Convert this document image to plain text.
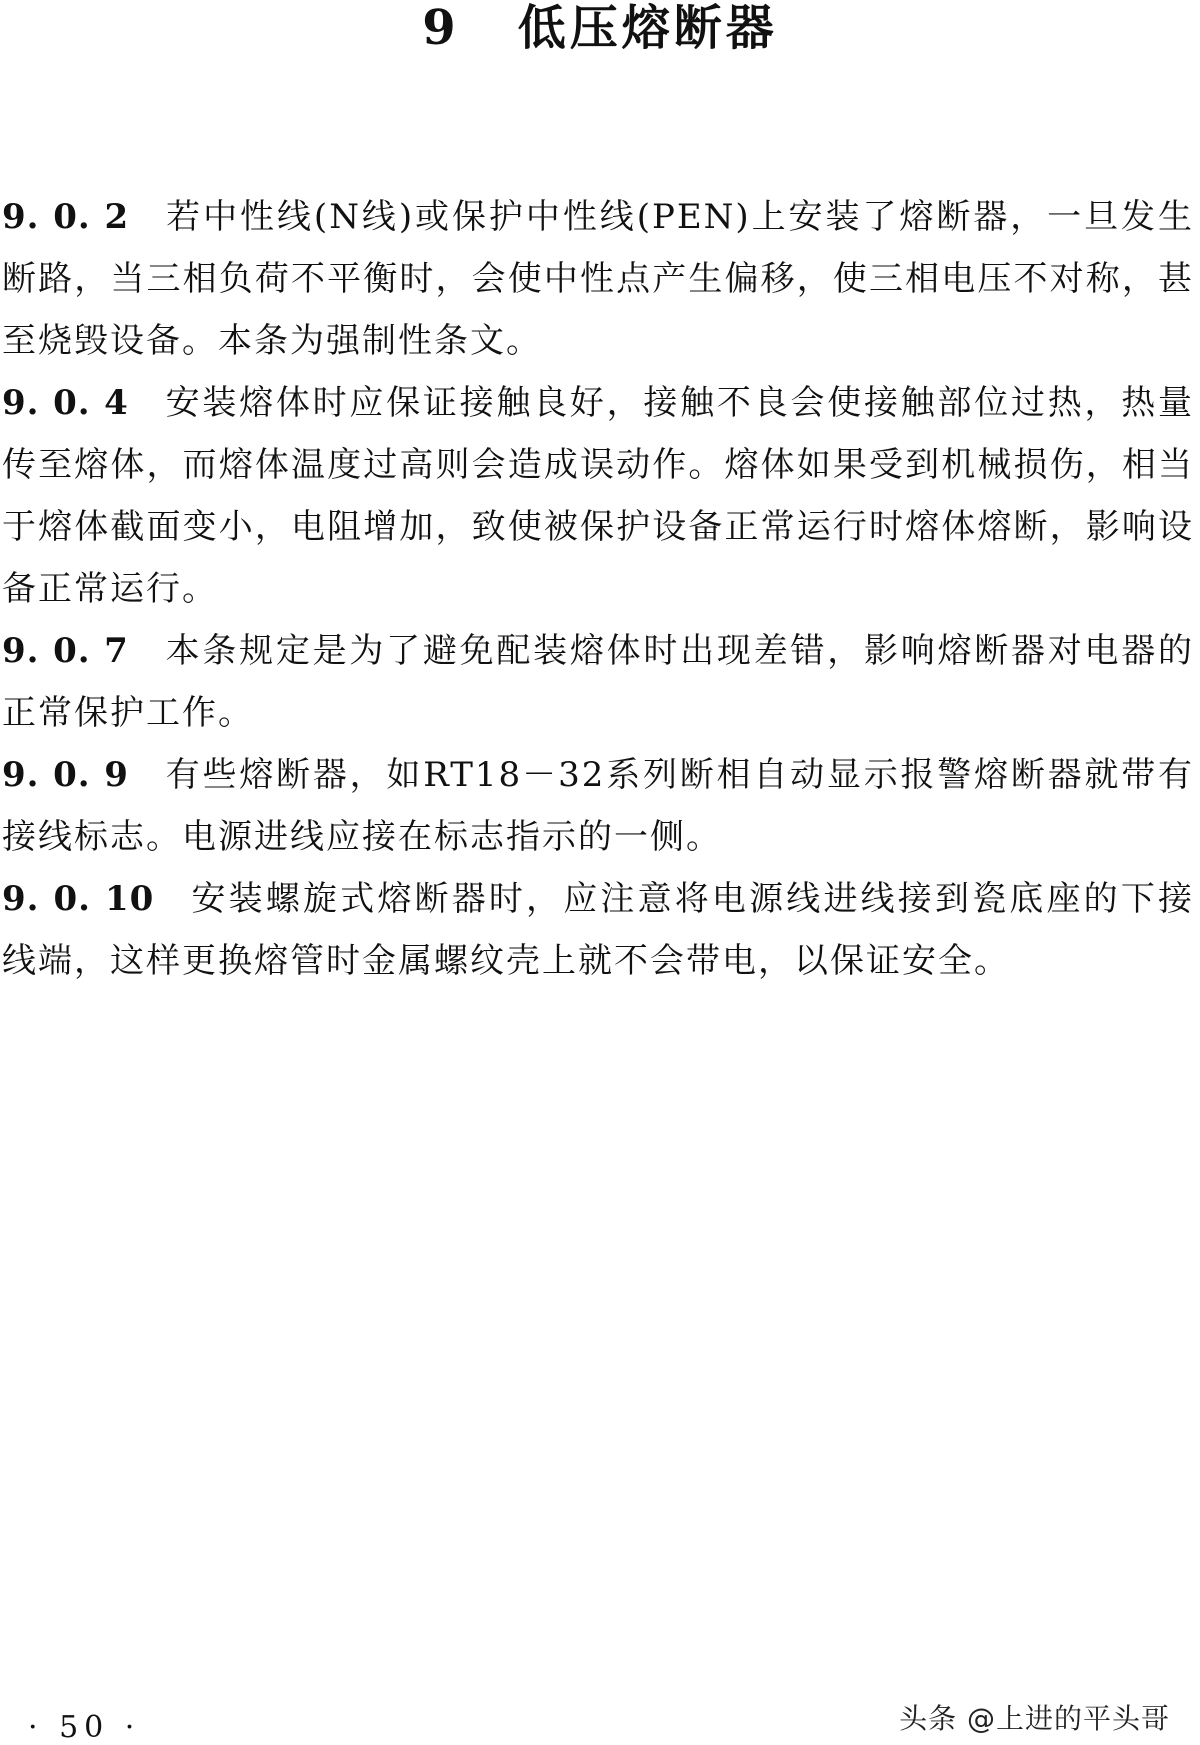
9 低压熔断器

9. 0. 2 若中性线(N线)或保护中性线(PEN)上安装了熔断器，一旦发生断路，当三相负荷不平衡时，会使中性点产生偏移，使三相电压不对称，甚至烧毁设备。本条为强制性条文。

9. 0. 4 安装熔体时应保证接触良好，接触不良会使接触部位过热，热量传至熔体，而熔体温度过高则会造成误动作。熔体如果受到机械损伤，相当于熔体截面变小，电阻增加，致使被保护设备正常运行时熔体熔断，影响设备正常运行。

9. 0. 7 本条规定是为了避免配装熔体时出现差错，影响熔断器对电器的正常保护工作。

9. 0. 9 有些熔断器，如RT18－32系列断相自动显示报警熔断器就带有接线标志。电源进线应接在标志指示的一侧。

9. 0. 10 安装螺旋式熔断器时，应注意将电源线进线接到瓷底座的下接线端，这样更换熔管时金属螺纹壳上就不会带电，以保证安全。

· 50 ·	头条 @上进的平头哥
